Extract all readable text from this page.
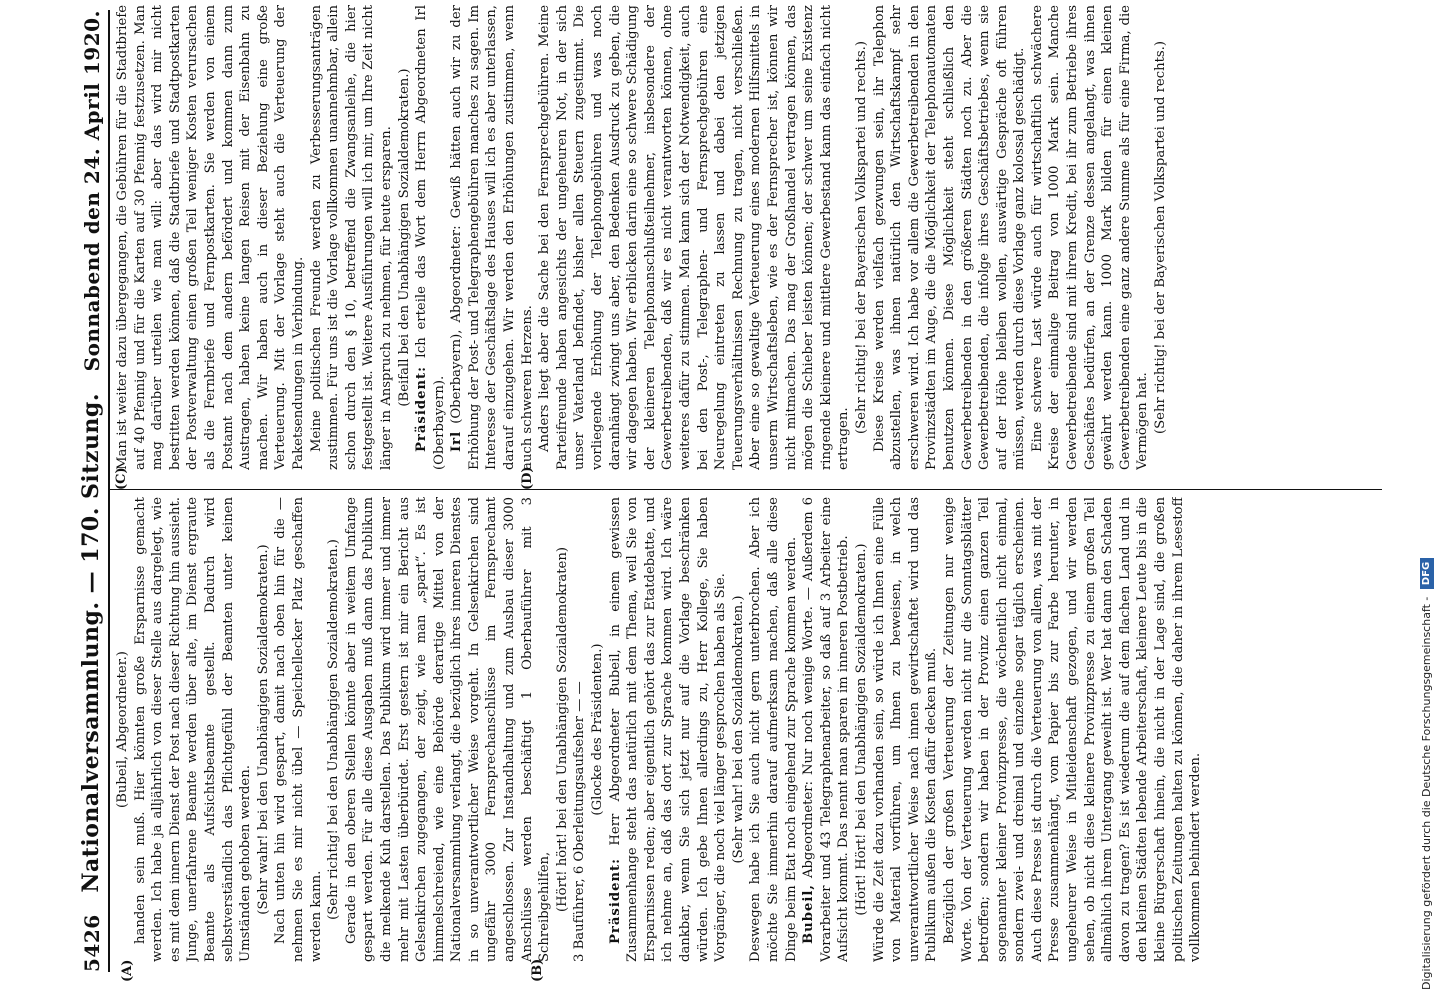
5426
Nationalversammlung. — 170. Sitzung.
Sonnabend den 24. April 1920.
(A)	(B)
(C)	(D)

(Bubeil, Abgeordneter.) handen sein muß. Hier könnten große Ersparnisse gemacht werden. Ich habe ja alljährlich von dieser Stelle aus dargelegt, wie es mit dem innern Dienst der Post nach dieser Richtung hin aussieht. Junge, unerfahrene Beamte werden über alte, im Dienst ergraute Beamte als Aufsichtsbeamte gestellt. Dadurch wird selbstverständlich das Pflichtgefühl der Beamten unter keinen Umständen gehoben werden. (Sehr wahr! bei den Unabhängigen Sozialdemokraten.) Nach unten hin wird gespart, damit nach oben hin für die — nehmen Sie es mir nicht übel — Speichellecker Platz geschaffen werden kann. (Sehr richtig! bei den Unabhängigen Sozialdemokraten.) Gerade in den oberen Stellen könnte aber in weitem Umfange gespart werden. Für alle diese Ausgaben muß dann das Publikum die melkende Kuh darstellen. Das Publikum wird immer und immer mehr mit Lasten überbürdet. Erst gestern ist mir ein Bericht aus Gelsenkirchen zugegangen, der zeigt, wie man „spart“. Es ist himmelschreiend, wie eine Behörde derartige Mittel von der Nationalversammlung verlangt, die bezüglich ihres inneren Dienstes in so unverantwortlicher Weise vorgeht. In Gelsenkirchen sind ungefähr 3000 Fernsprechanschlüsse im Fernsprechamt angeschlossen. Zur Instandhaltung und zum Ausbau dieser 3000 Anschlüsse werden beschäftigt 1 Oberbauführer mit 3 Schreibgehilfen, (Hört! hört! bei den Unabhängigen Sozialdemokraten) 3 Bauführer, 6 Oberleitungsaufseher — — (Glocke des Präsidenten.)

Präsident: Herr Abgeordneter Bubeil, in einem gewissen Zusammenhange steht das natürlich mit dem Thema, weil Sie von Ersparnissen reden; aber eigentlich gehört das zur Etatdebatte, und ich nehme an, daß das dort zur Sprache kommen wird. Ich wäre dankbar, wenn Sie sich jetzt nur auf die Vorlage beschränken würden. Ich gebe Ihnen allerdings zu, Herr Kollege, Sie haben Vorgänger, die noch viel länger gesprochen haben als Sie. (Sehr wahr! bei den Sozialdemokraten.) Deswegen habe ich Sie auch nicht gern unterbrochen. Aber ich möchte Sie immerhin darauf aufmerksam machen, daß alle diese Dinge beim Etat noch eingehend zur Sprache kommen werden. Bubeil, Abgeordneter: Nur noch wenige Worte. — Außerdem 6 Vorarbeiter und 43 Telegraphenarbeiter, so daß auf 3 Arbeiter eine Aufsicht kommt. Das nennt man sparen im inneren Postbetrieb. (Hört! Hört! bei den Unabhängigen Sozialdemokraten.) Würde die Zeit dazu vorhanden sein, so würde ich Ihnen eine Fülle von Material vorführen, um Ihnen zu beweisen, in welch unverantwortlicher Weise nach innen gewirtschaftet wird und das Publikum außen die Kosten dafür decken muß. Bezüglich der großen Verteuerung der Zeitungen nur wenige Worte. Von der Verteuerung werden nicht nur die Sonntagsblätter betroffen; sondern wir haben in der Provinz einen ganzen Teil sogenannter kleiner Provinzpresse, die wöchentlich nicht einmal, sondern zwei- und dreimal und einzelne sogar täglich erscheinen. Auch diese Presse ist durch die Verteuerung von allem, was mit der Presse zusammenhängt, vom Papier bis zur Farbe herunter, in ungeheurer Weise in Mitleidenschaft gezogen, und wir werden sehen, ob nicht diese kleinere Provinzpresse zu einem großen Teil allmählich ihrem Untergang geweiht ist. Wer hat dann den Schaden davon zu tragen? Es ist wiederum die auf dem flachen Land und in den kleinen Städten lebende Arbeiterschaft, kleinere Leute bis in die kleine Bürgerschaft hinein, die nicht in der Lage sind, die großen politischen Zeitungen halten zu können, die daher in ihrem Lesestoff vollkommen behindert werden.

Man ist weiter dazu übergegangen, die Gebühren für die Stadtbriefe auf 40 Pfennig und für die Karten auf 30 Pfennig festzusetzen. Man mag darüber urteilen wie man will: aber das wird mir nicht bestritten werden können, daß die Stadtbriefe und Stadtpostkarten der Postverwaltung einen großen Teil weniger Kosten verursachen als die Fernbriefe und Fernpostkarten. Sie werden von einem Postamt nach dem andern befördert und kommen dann zum Austragen, haben keine langen Reisen mit der Eisenbahn zu machen. Wir haben auch in dieser Beziehung eine große Verteuerung. Mit der Vorlage steht auch die Verteuerung der Paketsendungen in Verbindung. Meine politischen Freunde werden zu Verbesserungsanträgen zustimmen. Für uns ist die Vorlage vollkommen unannehmbar, allein schon durch den § 10, betreffend die Zwangsanleihe, die hier festgestellt ist. Weitere Ausführungen will ich mir, um Ihre Zeit nicht länger in Anspruch zu nehmen, für heute ersparen. (Beifall bei den Unabhängigen Sozialdemokraten.)

Präsident: Ich erteile das Wort dem Herrn Abgeordneten Irl (Oberbayern). Irl (Oberbayern), Abgeordneter: Gewiß hätten auch wir zu der Erhöhung der Post- und Telegraphengebühren manches zu sagen. Im Interesse der Geschäftslage des Hauses will ich es aber unterlassen, darauf einzugehen. Wir werden den Erhöhungen zustimmen, wenn auch schweren Herzens. Anders liegt aber die Sache bei den Fernsprechgebühren. Meine Parteifreunde haben angesichts der ungeheuren Not, in der sich unser Vaterland befindet, bisher allen Steuern zugestimmt. Die vorliegende Erhöhung der Telephongebühren und was noch daranhängt zwingt uns aber, den Bedenken Ausdruck zu geben, die wir dagegen haben. Wir erblicken darin eine so schwere Schädigung der kleineren Telephonanschlußteilnehmer, insbesondere der Gewerbetreibenden, daß wir es nicht verantworten können, ohne weiteres dafür zu stimmen. Man kann sich der Notwendigkeit, auch bei den Post-, Telegraphen- und Fernsprechgebühren eine Neuregelung eintreten zu lassen und dabei den jetzigen Teuerungsverhältnissen Rechnung zu tragen, nicht verschließen. Aber eine so gewaltige Verteuerung eines modernen Hilfsmittels in unserm Wirtschaftsleben, wie es der Fernsprecher ist, können wir nicht mitmachen. Das mag der Großhandel vertragen können, das mögen die Schieber leisten können; der schwer um seine Existenz ringende kleinere und mittlere Gewerbestand kann das einfach nicht ertragen.

(Sehr richtig! bei der Bayerischen Volkspartei und rechts.) Diese Kreise werden vielfach gezwungen sein, ihr Telephon abzustellen, was ihnen natürlich den Wirtschaftskampf sehr erschweren wird. Ich habe vor allem die Gewerbetreibenden in den Provinzstädten im Auge, die die Möglichkeit der Telephonautomaten benutzen können. Diese Möglichkeit steht schließlich den Gewerbetreibenden in den größeren Städten noch zu. Aber die Gewerbetreibenden, die infolge ihres Geschäftsbetriebes, wenn sie auf der Höhe bleiben wollen, auswärtige Gespräche oft führen müssen, werden durch diese Vorlage ganz kolossal geschädigt. Eine schwere Last würde auch für wirtschaftlich schwächere Kreise der einmalige Beitrag von 1000 Mark sein. Manche Gewerbetreibende sind mit ihrem Kredit, bei ihr zum Betriebe ihres Geschäftes bedürfen, an der Grenze dessen angelangt, was ihnen gewährt werden kann. 1000 Mark bilden für einen kleinen Gewerbetreibenden eine ganz andere Summe als für eine Firma, die Vermögen hat. (Sehr richtig! bei der Bayerischen Volkspartei und rechts.)

Digitalisierung gefördert durch die Deutsche Forschungsgemeinschaft - DFG
